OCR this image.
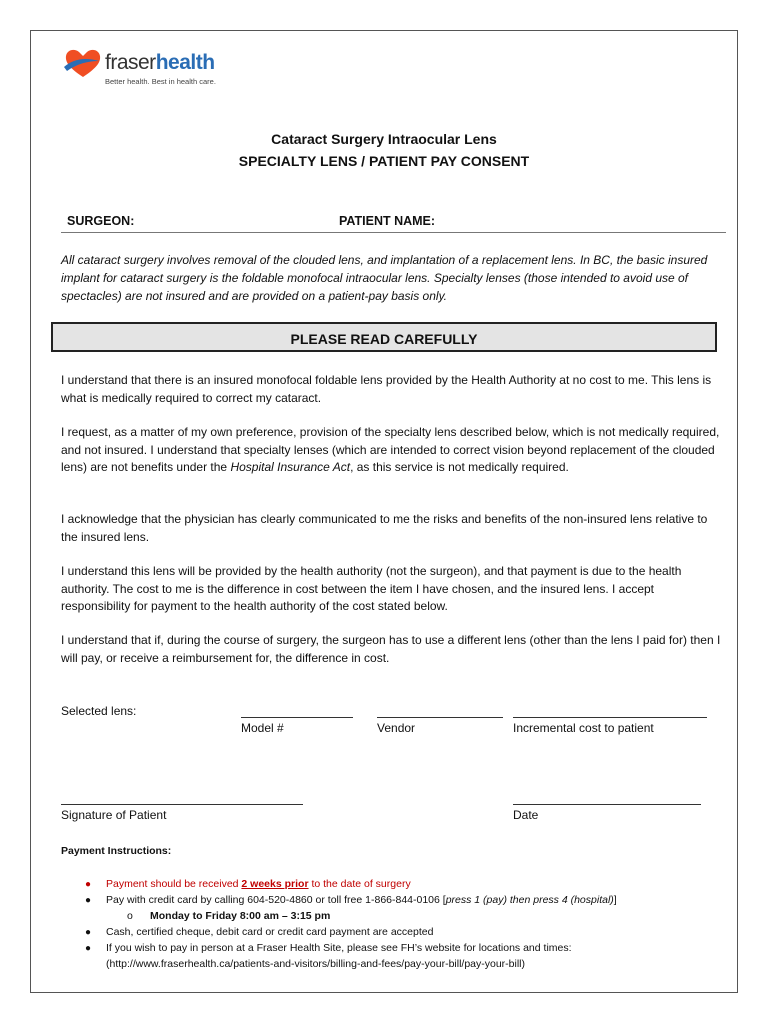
fraserhealth
Better health. Best in health care.
Cataract Surgery Intraocular Lens
SPECIALTY LENS / PATIENT PAY CONSENT
SURGEON:	PATIENT NAME:
All cataract surgery involves removal of the clouded lens, and implantation of a replacement lens. In BC, the basic insured implant for cataract surgery is the foldable monofocal intraocular lens. Specialty lenses (those intended to avoid use of spectacles) are not insured and are provided on a patient-pay basis only.
PLEASE READ CAREFULLY
I understand that there is an insured monofocal foldable lens provided by the Health Authority at no cost to me. This lens is what is medically required to correct my cataract.
I request, as a matter of my own preference, provision of the specialty lens described below, which is not medically required, and not insured. I understand that specialty lenses (which are intended to correct vision beyond replacement of the clouded lens) are not benefits under the Hospital Insurance Act, as this service is not medically required.
I acknowledge that the physician has clearly communicated to me the risks and benefits of the non-insured lens relative to the insured lens.
I understand this lens will be provided by the health authority (not the surgeon), and that payment is due to the health authority. The cost to me is the difference in cost between the item I have chosen, and the insured lens. I accept responsibility for payment to the health authority of the cost stated below.
I understand that if, during the course of surgery, the surgeon has to use a different lens (other than the lens I paid for) then I will pay, or receive a reimbursement for, the difference in cost.
Selected lens:
Model #	Vendor	Incremental cost to patient
Signature of Patient	Date
Payment Instructions:
● Payment should be received 2 weeks prior to the date of surgery
● Pay with credit card by calling 604-520-4860 or toll free 1-866-844-0106 [press 1 (pay) then press 4 (hospital)]
o Monday to Friday 8:00 am – 3:15 pm
● Cash, certified cheque, debit card or credit card payment are accepted
● If you wish to pay in person at a Fraser Health Site, please see FH’s website for locations and times:
(http://www.fraserhealth.ca/patients-and-visitors/billing-and-fees/pay-your-bill/pay-your-bill)
